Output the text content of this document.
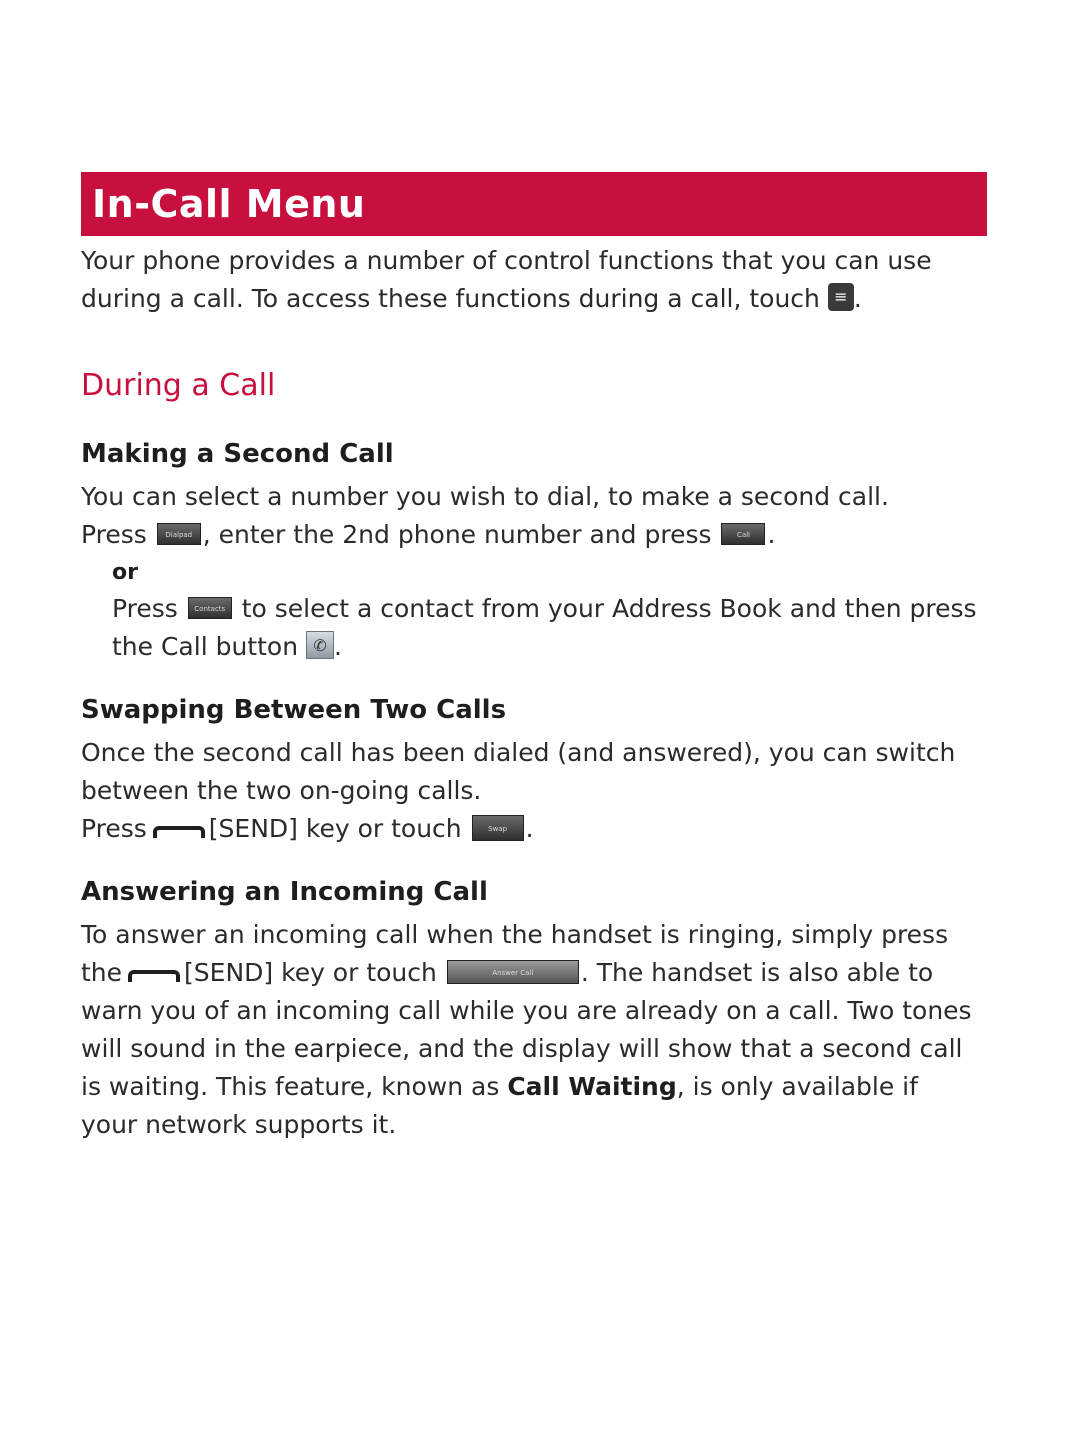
In-Call Menu

Your phone provides a number of control functions that you can use during a call. To access these functions during a call, touch ≡ .

During a Call
Making a Second Call

You can select a number you wish to dial, to make a second call.

Press	Dialpad , enter the 2nd phone number and press	Call .

or

Press Contacts to select a contact from your Address Book and then press the Call button ✆ .

Swapping Between Two Calls

Once the second call has been dialed (and answered), you can switch between the two on-going calls.

Press [SEND] key or touch	Swap .

Answering an Incoming Call

To answer an incoming call when the handset is ringing, simply press the [SEND] key or touch	Answer Call . The handset is also able to warn you of an incoming call while you are already on a call. Two tones will sound in the earpiece, and the display will show that a second call is waiting. This feature, known as Call Waiting, is only available if your network supports it.
